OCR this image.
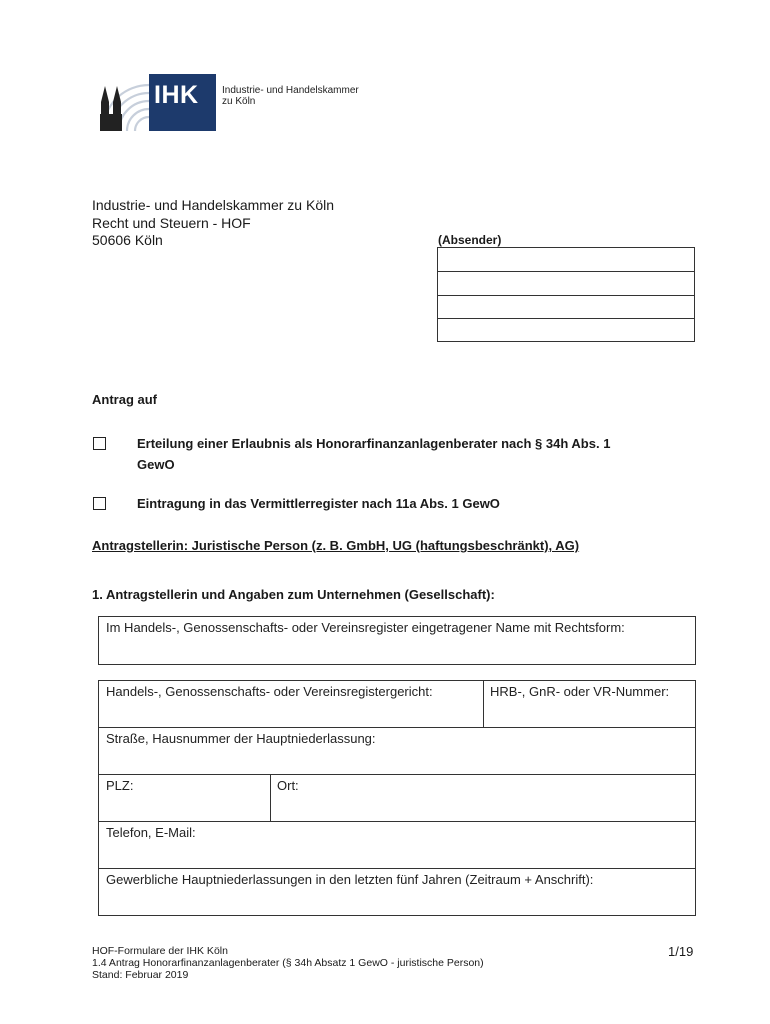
IHK Industrie- und Handelskammer
zu Köln
Industrie- und Handelskammer zu Köln
Recht und Steuern - HOF
50606 Köln	(Absender)
Antrag auf
Erteilung einer Erlaubnis als Honorarfinanzanlagenberater nach § 34h Abs. 1
GewO
Eintragung in das Vermittlerregister nach 11a Abs. 1 GewO
Antragstellerin: Juristische Person (z. B. GmbH, UG (haftungsbeschränkt), AG)
1. Antragstellerin und Angaben zum Unternehmen (Gesellschaft):
Im Handels-, Genossenschafts- oder Vereinsregister eingetragener Name mit Rechtsform:
Handels-, Genossenschafts- oder Vereinsregistergericht:	HRB-, GnR- oder VR-Nummer:
Straße, Hausnummer der Hauptniederlassung:
PLZ:	Ort:
Telefon, E-Mail:
Gewerbliche Hauptniederlassungen in den letzten fünf Jahren (Zeitraum + Anschrift):
HOF-Formulare der IHK Köln
1.4 Antrag Honorarfinanzanlagenberater (§ 34h Absatz 1 GewO - juristische Person)
Stand: Februar 2019
1/19
